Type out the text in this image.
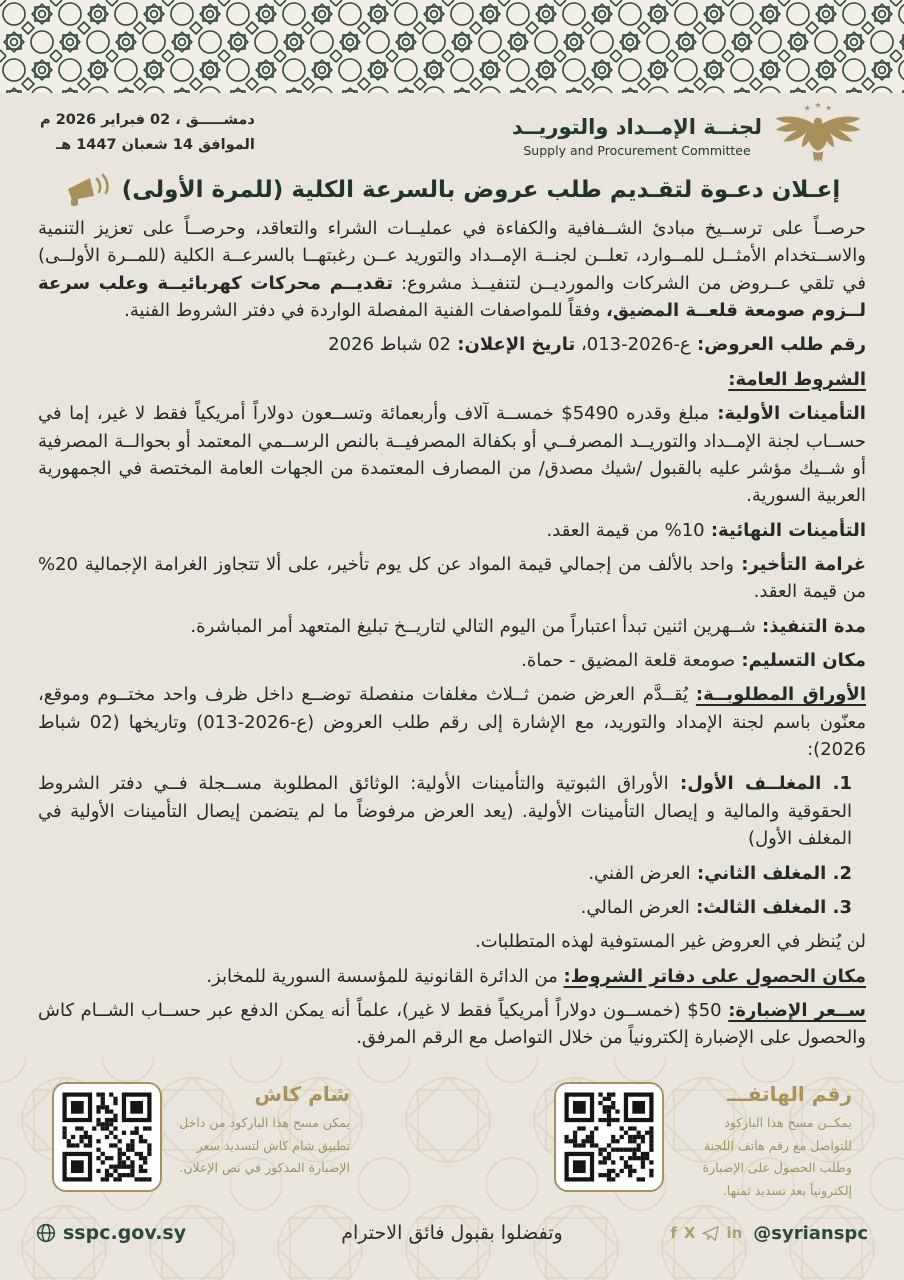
★ ★ ★
لجنــة الإمــداد والتوريــد
Supply and Procurement Committee
دمشـــــق ، 02 فبراير 2026 م
الموافق 14 شعبان 1447 هـ
إعـلان دعـوة لتقـديم طلب عروض بالسرعة الكلية (للمرة الأولى)

حرصــاً على ترســيخ مبادئ الشــفافية والكفاءة في عمليــات الشراء والتعاقد، وحرصــاً على تعزيز التنمية والاســتخدام الأمثــل للمــوارد، تعلــن لجنــة الإمــداد والتوريد عــن رغبتهــا بالسرعــة الكلية (للمــرة الأولــى) في تلقي عــروض من الشركات والمورديــن لتنفيــذ مشروع: تقديــم محركات كهربائيــة وعلب سرعة لــزوم صومعة قلعــة المضيق، وفقاً للمواصفات الفنية المفصلة الواردة في دفتر الشروط الفنية.

رقم طلب العروض: 013-ع-2026، تاريخ الإعلان: 02 شباط 2026

الشروط العامة:

التأمينات الأولية: مبلغ وقدره $5490 خمســة آلاف وأربعمائة وتســعون دولاراً أمريكياً فقط لا غير، إما في حســاب لجنة الإمــداد والتوريــد المصرفــي أو بكفالة المصرفيــة بالنص الرســمي المعتمد أو بحوالــة المصرفية أو شــيك مؤشر عليه بالقبول /شيك مصدق/ من المصارف المعتمدة من الجهات العامة المختصة في الجمهورية العربية السورية.

التأمينات النهائية: 10% من قيمة العقد.

غرامة التأخير: واحد بالألف من إجمالي قيمة المواد عن كل يوم تأخير، على ألا تتجاوز الغرامة الإجمالية 20% من قيمة العقد.

مدة التنفيذ: شــهرين اثنين تبدأ اعتباراً من اليوم التالي لتاريــخ تبليغ المتعهد أمر المباشرة.

مكان التسليم: صومعة قلعة المضيق - حماة.

الأوراق المطلوبــة: يُقــدَّم العرض ضمن ثــلاث مغلفات منفصلة توضــع داخل ظرف واحد مختــوم وموقع، معنّون باسم لجنة الإمداد والتوريد، مع الإشارة إلى رقم طلب العروض (013-ع-2026) وتاريخها (02 شباط 2026):

1. المغلــف الأول: الأوراق الثبوتية والتأمينات الأولية: الوثائق المطلوبة مســجلة فــي دفتر الشروط الحقوقية والمالية و إيصال التأمينات الأولية. (يعد العرض مرفوضاً ما لم يتضمن إيصال التأمينات الأولية في المغلف الأول)

2. المغلف الثاني: العرض الفني.

3. المغلف الثالث: العرض المالي.

لن يُنظر في العروض غير المستوفية لهذه المتطلبات.

مكان الحصول على دفاتر الشروط: من الدائرة القانونية للمؤسسة السورية للمخابز.

ســعر الإضبارة: $50 (خمســون دولاراً أمريكياً فقط لا غير)، علماً أنه يمكن الدفع عبر حســاب الشــام كاش والحصول على الإضبارة إلكترونياً من خلال التواصل مع الرقم المرفق.

رقم الهاتفـــ

يمكــن مسح هذا الباركود للتواصل مع رقم هاتف اللجنة وطلب الحصول على الإضبارة إلكترونياً بعد تسديد ثمنها.

شام كاش

يمكن مسح هذا الباركود من داخل تطبيق شام كاش لتسديد سعر الإضبارة المذكور في نص الإعلان.

f X in @syrianspc
وتفضلوا بقبول فائق الاحترام
sspc.gov.sy
